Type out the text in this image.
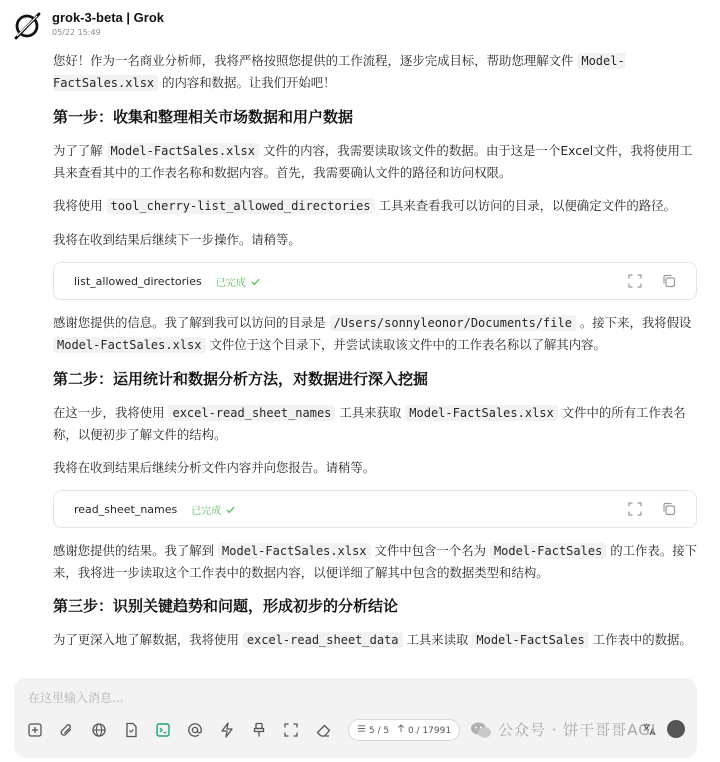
grok-3-beta | Grok
05/22 15:49

您好！作为一名商业分析师，我将严格按照您提供的工作流程，逐步完成目标，帮助您理解文件 Model-FactSales.xlsx 的内容和数据。让我们开始吧！

第一步：收集和整理相关市场数据和用户数据

为了了解 Model-FactSales.xlsx 文件的内容，我需要读取该文件的数据。由于这是一个Excel文件，我将使用工具来查看其中的工作表名称和数据内容。首先，我需要确认文件的路径和访问权限。

我将使用 tool_cherry-list_allowed_directories 工具来查看我可以访问的目录，以便确定文件的路径。

我将在收到结果后继续下一步操作。请稍等。

list_allowed_directories 已完成

感谢您提供的信息。我了解到我可以访问的目录是 /Users/sonnyleonor/Documents/file 。接下来，我将假设 Model-FactSales.xlsx 文件位于这个目录下，并尝试读取该文件中的工作表名称以了解其内容。

第二步：运用统计和数据分析方法，对数据进行深入挖掘

在这一步，我将使用 excel-read_sheet_names 工具来获取 Model-FactSales.xlsx 文件中的所有工作表名称，以便初步了解文件的结构。

我将在收到结果后继续分析文件内容并向您报告。请稍等。

read_sheet_names 已完成

感谢您提供的结果。我了解到 Model-FactSales.xlsx 文件中包含一个名为 Model-FactSales 的工作表。接下来，我将进一步读取这个工作表中的数据内容，以便详细了解其中包含的数据类型和结构。

第三步：识别关键趋势和问题，形成初步的分析结论

为了更深入地了解数据，我将使用 excel-read_sheet_data 工具来读取 Model-FactSales 工作表中的数据。

在这里输入消息...
5 / 5	0 / 17991	公众号 · 饼干哥哥AGI
